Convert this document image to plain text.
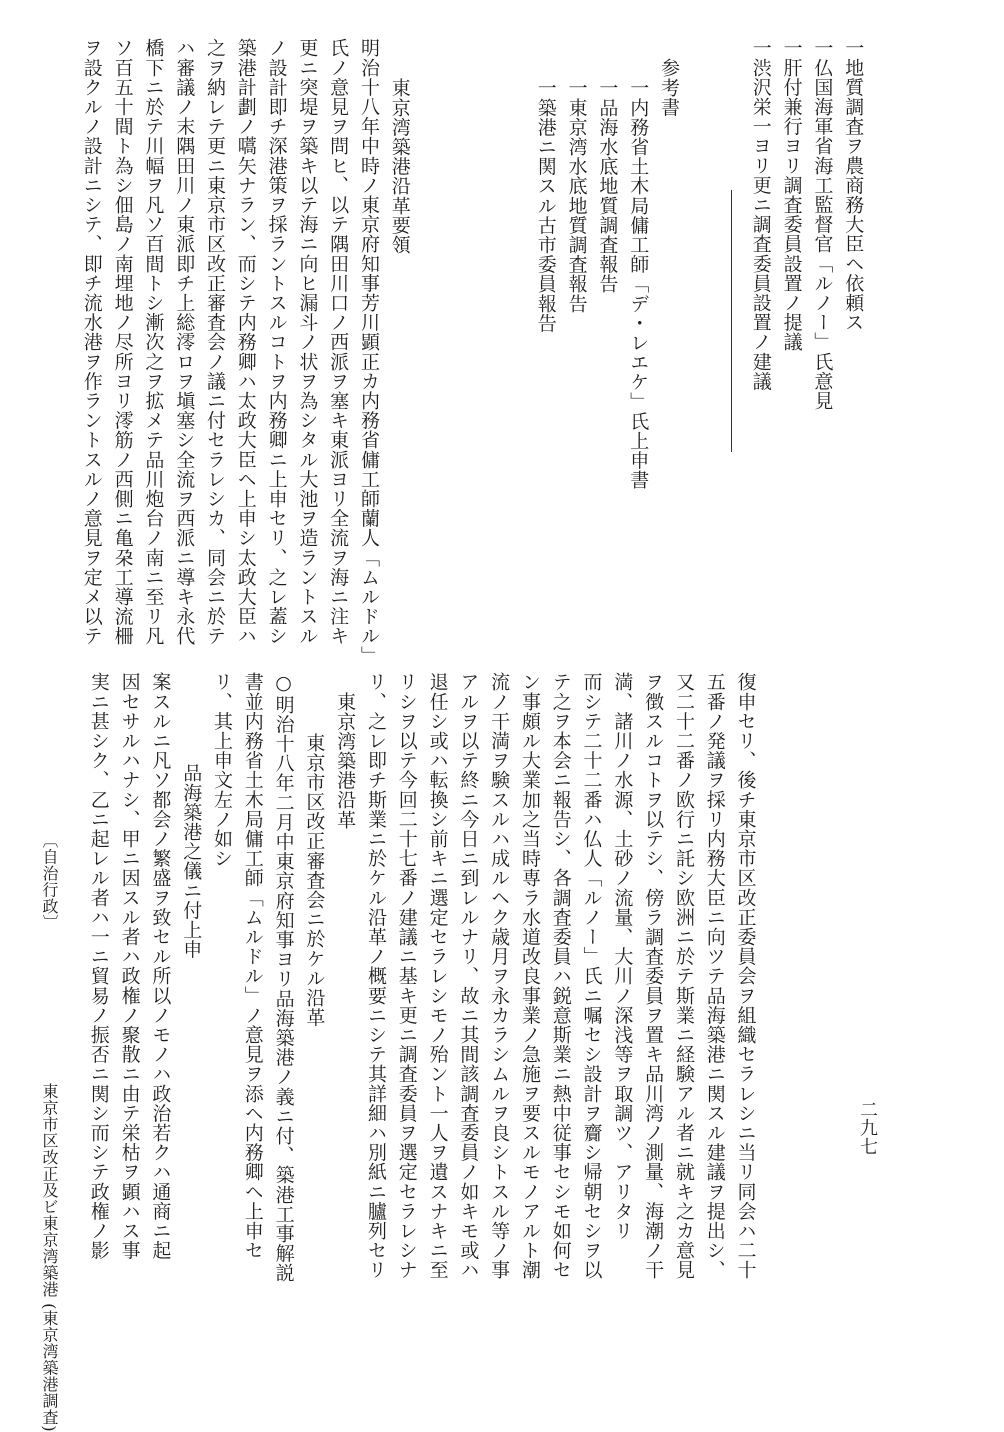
一地質調査ヲ農商務大臣ヘ依頼ス

一仏国海軍省海工監督官「ルノー」氏意見

一肝付兼行ヨリ調査委員設置ノ提議

一渋沢栄一ヨリ更ニ調査委員設置ノ建議

参考書

一内務省土木局傭工師「デ・レエケ」氏上申書

一品海水底地質調査報告

一東京湾水底地質調査報告

一築港ニ関スル古市委員報告

東京湾築港沿革要領

明治十八年中時ノ東京府知事芳川顕正カ内務省傭工師蘭人「ムルドル」

氏ノ意見ヲ問ヒ、以テ隅田川口ノ西派ヲ塞キ東派ヨリ全流ヲ海ニ注キ

更ニ突堤ヲ築キ以テ海ニ向ヒ漏斗ノ状ヲ為シタル大池ヲ造ラントスル

ノ設計即チ深港策ヲ採ラントスルコトヲ内務卿ニ上申セリ、之レ蓋シ

築港計劃ノ嚆矢ナラン、而シテ内務卿ハ太政大臣ヘ上申シ太政大臣ハ

之ヲ納レテ更ニ東京市区改正審査会ノ議ニ付セラレシカ、同会ニ於テ

ハ審議ノ末隅田川ノ東派即チ上総澪ロヲ塡塞シ全流ヲ西派ニ導キ永代

橋下ニ於テ川幅ヲ凡ソ百間トシ漸次之ヲ拡メテ品川炮台ノ南ニ至リ凡

ソ百五十間ト為シ佃島ノ南埋地ノ尽所ヨリ澪筋ノ西側ニ亀朶工導流柵

ヲ設クルノ設計ニシテ、即チ流水港ヲ作ラントスルノ意見ヲ定メ以テ

復申セリ、後チ東京市区改正委員会ヲ組織セラレシニ当リ同会ハ二十

五番ノ発議ヲ採リ内務大臣ニ向ツテ品海築港ニ関スル建議ヲ提出シ、

又二十二番ノ欧行ニ託シ欧洲ニ於テ斯業ニ経験アル者ニ就キ之カ意見

ヲ徴スルコトヲ以テシ、傍ラ調査委員ヲ置キ品川湾ノ測量、海潮ノ干

満、諸川ノ水源、土砂ノ流量、大川ノ深浅等ヲ取調ツ、アリタリ

而シテ二十二番ハ仏人「ルノー」氏ニ嘱セシ設計ヲ齎シ帰朝セシヲ以

テ之ヲ本会ニ報告シ、各調査委員ハ鋭意斯業ニ熱中従事セシモ如何セ

ン事頗ル大業加之当時専ラ水道改良事業ノ急施ヲ要スルモノアルト潮

流ノ干満ヲ験スルハ成ルヘク歳月ヲ永カラシムルヲ良シトスル等ノ事

アルヲ以テ終ニ今日ニ到レルナリ、故ニ其間該調査委員ノ如キモ或ハ

退任シ或ハ転換シ前キニ選定セラレシモノ殆ント一人ヲ遺スナキニ至

リシヲ以テ今回二十七番ノ建議ニ基キ更ニ調査委員ヲ選定セラレシナ

リ、之レ即チ斯業ニ於ケル沿革ノ概要ニシテ其詳細ハ別紙ニ臚列セリ

東京湾築港沿革

東京市区改正審査会ニ於ケル沿革

○明治十八年二月中東京府知事ヨリ品海築港ノ義ニ付、築港工事解説

書並内務省土木局傭工師「ムルドル」ノ意見ヲ添ヘ内務卿ヘ上申セ

リ、其上申文左ノ如シ

品海築港之儀ニ付上申

案スルニ凡ソ都会ノ繁盛ヲ致セル所以ノモノハ政治若クハ通商ニ起

因セサルハナシ、甲ニ因スル者ハ政権ノ聚散ニ由テ栄枯ヲ顕ハス事

実ニ甚シク、乙ニ起レル者ハ一ニ貿易ノ振否ニ関シ而シテ政権ノ影

〔自治行政〕
東京市区改正及ビ東京湾築港 (東京湾築港調査)	二九七
